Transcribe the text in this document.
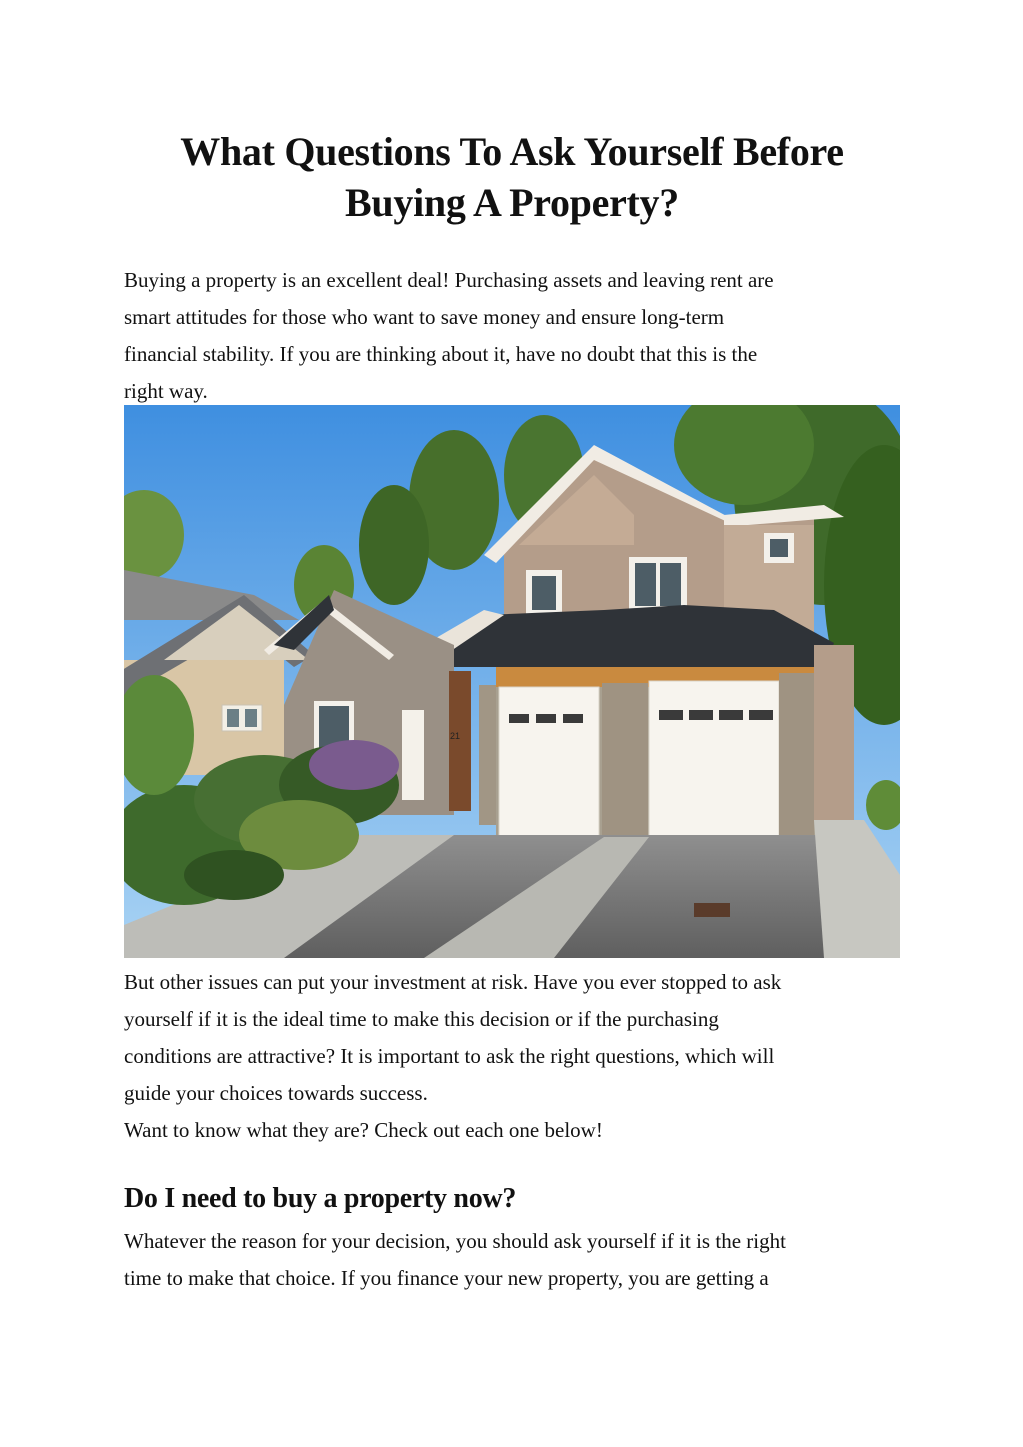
What Questions To Ask Yourself Before
Buying A Property?

Buying a property is an excellent deal! Purchasing assets and leaving rent are
smart attitudes for those who want to save money and ensure long-term
financial stability. If you are thinking about it, have no doubt that this is the
right way.

21

But other issues can put your investment at risk. Have you ever stopped to ask
yourself if it is the ideal time to make this decision or if the purchasing
conditions are attractive? It is important to ask the right questions, which will
guide your choices towards success.
Want to know what they are? Check out each one below!

Do I need to buy a property now?

Whatever the reason for your decision, you should ask yourself if it is the right
time to make that choice. If you finance your new property, you are getting a
